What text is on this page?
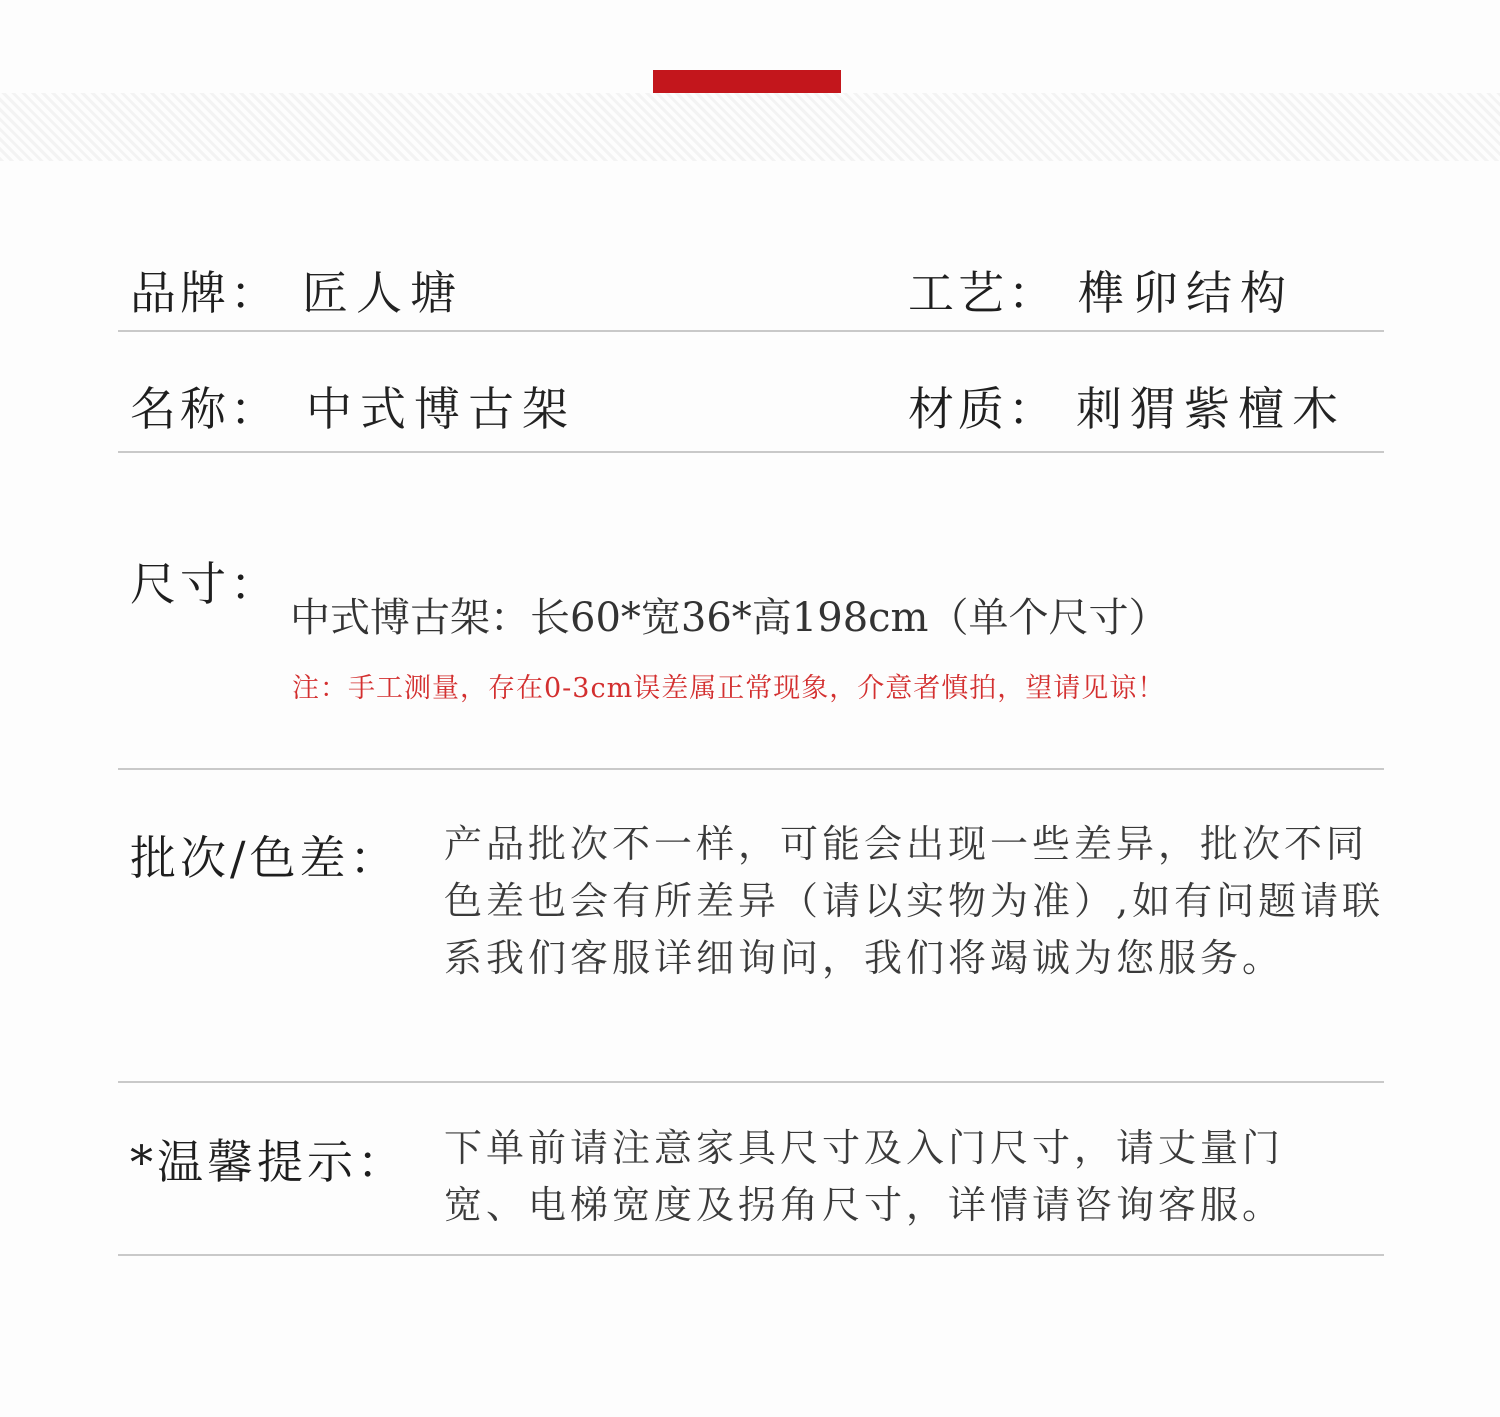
品牌： 匠人塘	工艺： 榫卯结构
名称： 中式博古架	材质： 刺猬紫檀木
尺寸：
中式博古架：长60*宽36*高198cm（单个尺寸）
注：手工测量，存在0-3cm误差属正常现象，介意者慎拍，望请见谅！
批次/色差： 产品批次不一样，可能会出现一些差异，批次不同色差也会有所差异（请以实物为准）,如有问题请联系我们客服详细询问，我们将竭诚为您服务。
*温馨提示： 下单前请注意家具尺寸及入门尺寸，请丈量门宽、电梯宽度及拐角尺寸，详情请咨询客服。
